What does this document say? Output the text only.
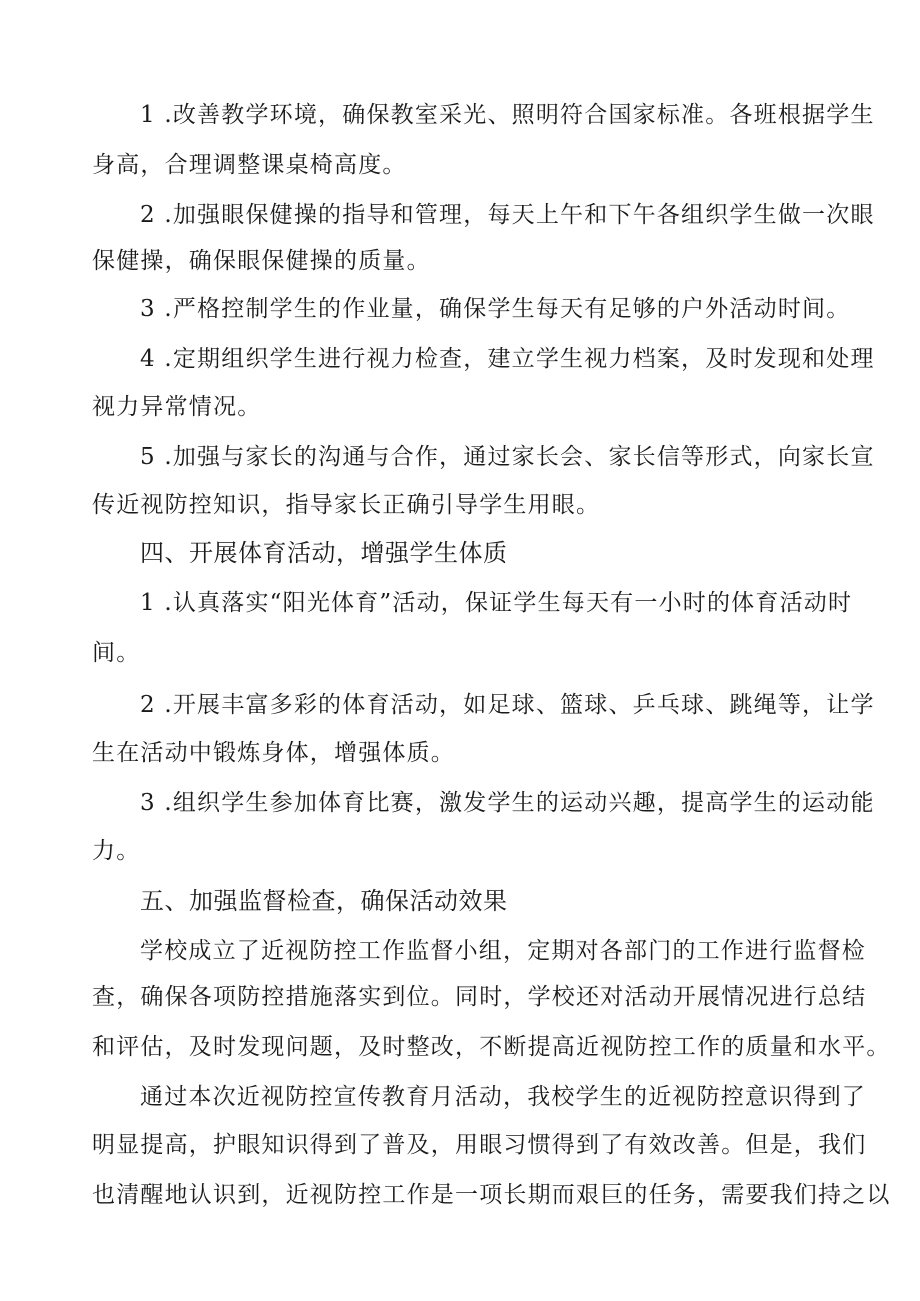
1 .改善教学环境，确保教室采光、照明符合国家标准。各班根据学生
身高，合理调整课桌椅高度。
2 .加强眼保健操的指导和管理，每天上午和下午各组织学生做一次眼
保健操，确保眼保健操的质量。
3 .严格控制学生的作业量，确保学生每天有足够的户外活动时间。
4 .定期组织学生进行视力检查，建立学生视力档案，及时发现和处理
视力异常情况。
5 .加强与家长的沟通与合作，通过家长会、家长信等形式，向家长宣
传近视防控知识，指导家长正确引导学生用眼。
四、开展体育活动，增强学生体质
1 .认真落实“阳光体育”活动，保证学生每天有一小时的体育活动时
间。
2 .开展丰富多彩的体育活动，如足球、篮球、乒乓球、跳绳等，让学
生在活动中锻炼身体，增强体质。
3 .组织学生参加体育比赛，激发学生的运动兴趣，提高学生的运动能
力。
五、加强监督检查，确保活动效果
学校成立了近视防控工作监督小组，定期对各部门的工作进行监督检
查，确保各项防控措施落实到位。同时，学校还对活动开展情况进行总结
和评估，及时发现问题，及时整改，不断提高近视防控工作的质量和水平。
通过本次近视防控宣传教育月活动，我校学生的近视防控意识得到了
明显提高，护眼知识得到了普及，用眼习惯得到了有效改善。但是，我们
也清醒地认识到，近视防控工作是一项长期而艰巨的任务，需要我们持之以
